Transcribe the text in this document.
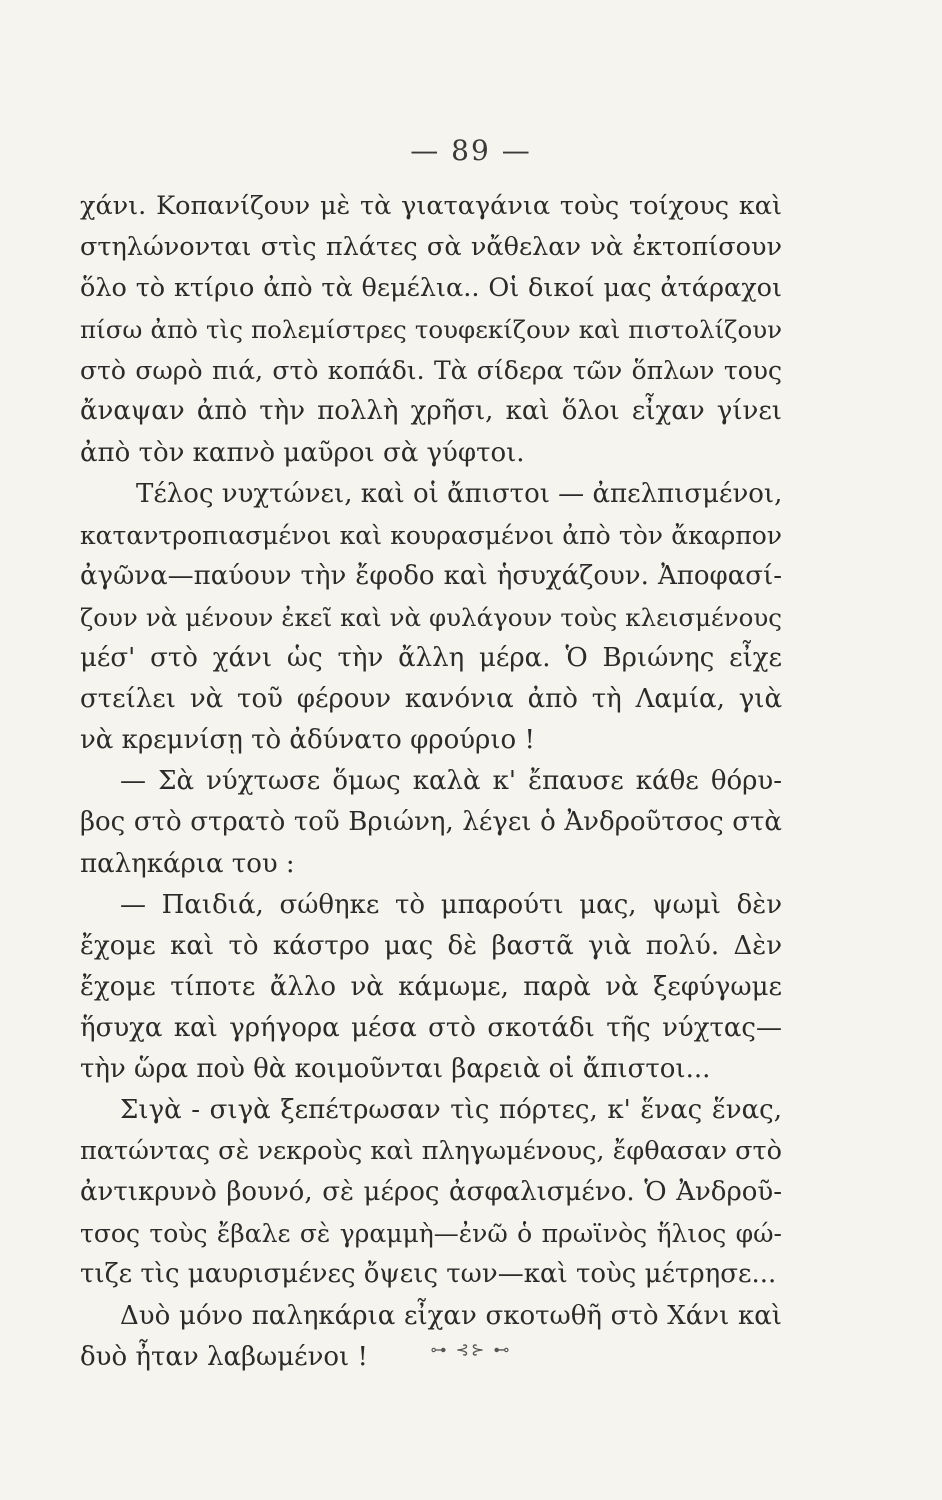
— 89 —
χάνι. Κοπανίζουν μὲ τὰ γιαταγάνια τοὺς τοίχους καὶ
στηλώνονται στὶς πλάτες σὰ νἄθελαν νὰ ἐκτοπίσουν
ὅλο τὸ κτίριο ἀπὸ τὰ θεμέλια.. Οἱ δικοί μας ἀτάραχοι
πίσω ἀπὸ τὶς πολεμίστρες τουφεκίζουν καὶ πιστολίζουν
στὸ σωρὸ πιά, στὸ κοπάδι. Τὰ σίδερα τῶν ὅπλων τους
ἄναψαν ἀπὸ τὴν πολλὴ χρῆσι, καὶ ὅλοι εἶχαν γίνει
ἀπὸ τὸν καπνὸ μαῦροι σὰ γύφτοι.
Τέλος νυχτώνει, καὶ οἱ ἄπιστοι — ἀπελπισμένοι,
καταντροπιασμένοι καὶ κουρασμένοι ἀπὸ τὸν ἄκαρπον
ἀγῶνα—παύουν τὴν ἔφοδο καὶ ἡσυχάζουν. Ἀποφασί-
ζουν νὰ μένουν ἐκεῖ καὶ νὰ φυλάγουν τοὺς κλεισμένους
μέσ' στὸ χάνι ὡς τὴν ἄλλη μέρα. Ὁ Βριώνης εἶχε
στείλει νὰ τοῦ φέρουν κανόνια ἀπὸ τὴ Λαμία, γιὰ
νὰ κρεμνίσῃ τὸ ἀδύνατο φρούριο !
— Σὰ νύχτωσε ὅμως καλὰ κ' ἔπαυσε κάθε θόρυ-
βος στὸ στρατὸ τοῦ Βριώνη, λέγει ὁ Ἀνδροῦτσος στὰ
παληκάρια του :
— Παιδιά, σώθηκε τὸ μπαρούτι μας, ψωμὶ δὲν
ἔχομε καὶ τὸ κάστρο μας δὲ βαστᾶ γιὰ πολύ. Δὲν
ἔχομε τίποτε ἄλλο νὰ κάμωμε, παρὰ νὰ ξεφύγωμε
ἥσυχα καὶ γρήγορα μέσα στὸ σκοτάδι τῆς νύχτας—
τὴν ὥρα ποὺ θὰ κοιμοῦνται βαρειὰ οἱ ἄπιστοι...
Σιγὰ - σιγὰ ξεπέτρωσαν τὶς πόρτες, κ' ἕνας ἕνας,
πατώντας σὲ νεκροὺς καὶ πληγωμένους, ἔφθασαν στὸ
ἀντικρυνὸ βουνό, σὲ μέρος ἀσφαλισμένο. Ὁ Ἀνδροῦ-
τσος τοὺς ἔβαλε σὲ γραμμὴ—ἐνῶ ὁ πρωϊνὸς ἥλιος φώ-
τιζε τὶς μαυρισμένες ὄψεις των—καὶ τοὺς μέτρησε...
Δυὸ μόνο παληκάρια εἶχαν σκοτωθῆ στὸ Χάνι καὶ
δυὸ ἦταν λαβωμένοι !	⊶ ⊰⊱ ⊷
